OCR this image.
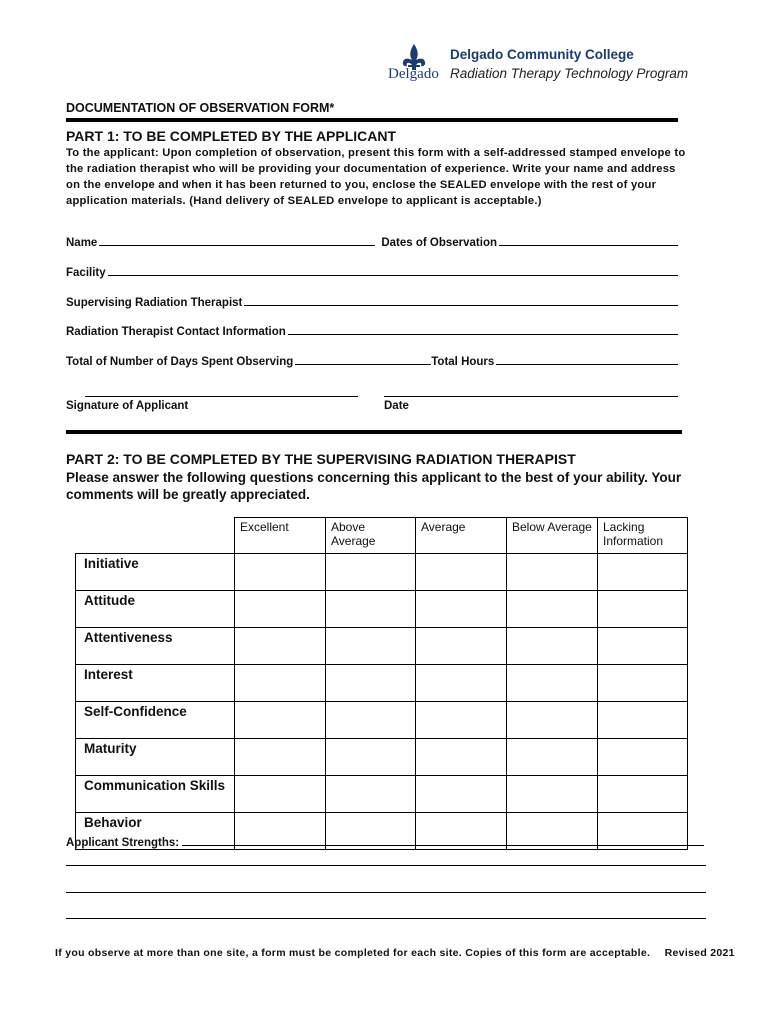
Delgado
Delgado Community College
Radiation Therapy Technology Program
DOCUMENTATION OF OBSERVATION FORM*
PART 1: TO BE COMPLETED BY THE APPLICANT
To the applicant: Upon completion of observation, present this form with a self-addressed stamped envelope to the radiation therapist who will be providing your documentation of experience. Write your name and address on the envelope and when it has been returned to you, enclose the SEALED envelope with the rest of your application materials. (Hand delivery of SEALED envelope to applicant is acceptable.)
Name	Dates of Observation
Facility
Supervising Radiation Therapist
Radiation Therapist Contact Information
Total of Number of Days Spent Observing	Total Hours
Signature of Applicant	Date
PART 2: TO BE COMPLETED BY THE SUPERVISING RADIATION THERAPIST
Please answer the following questions concerning this applicant to the best of your ability. Your comments will be greatly appreciated.
	Excellent	Above Average	Average	Below Average	Lacking Information
Initiative					
Attitude					
Attentiveness					
Interest					
Self-Confidence					
Maturity					
Communication Skills					
Behavior					
Applicant Strengths:
If you observe at more than one site, a form must be completed for each site. Copies of this form are acceptable. Revised 2021
